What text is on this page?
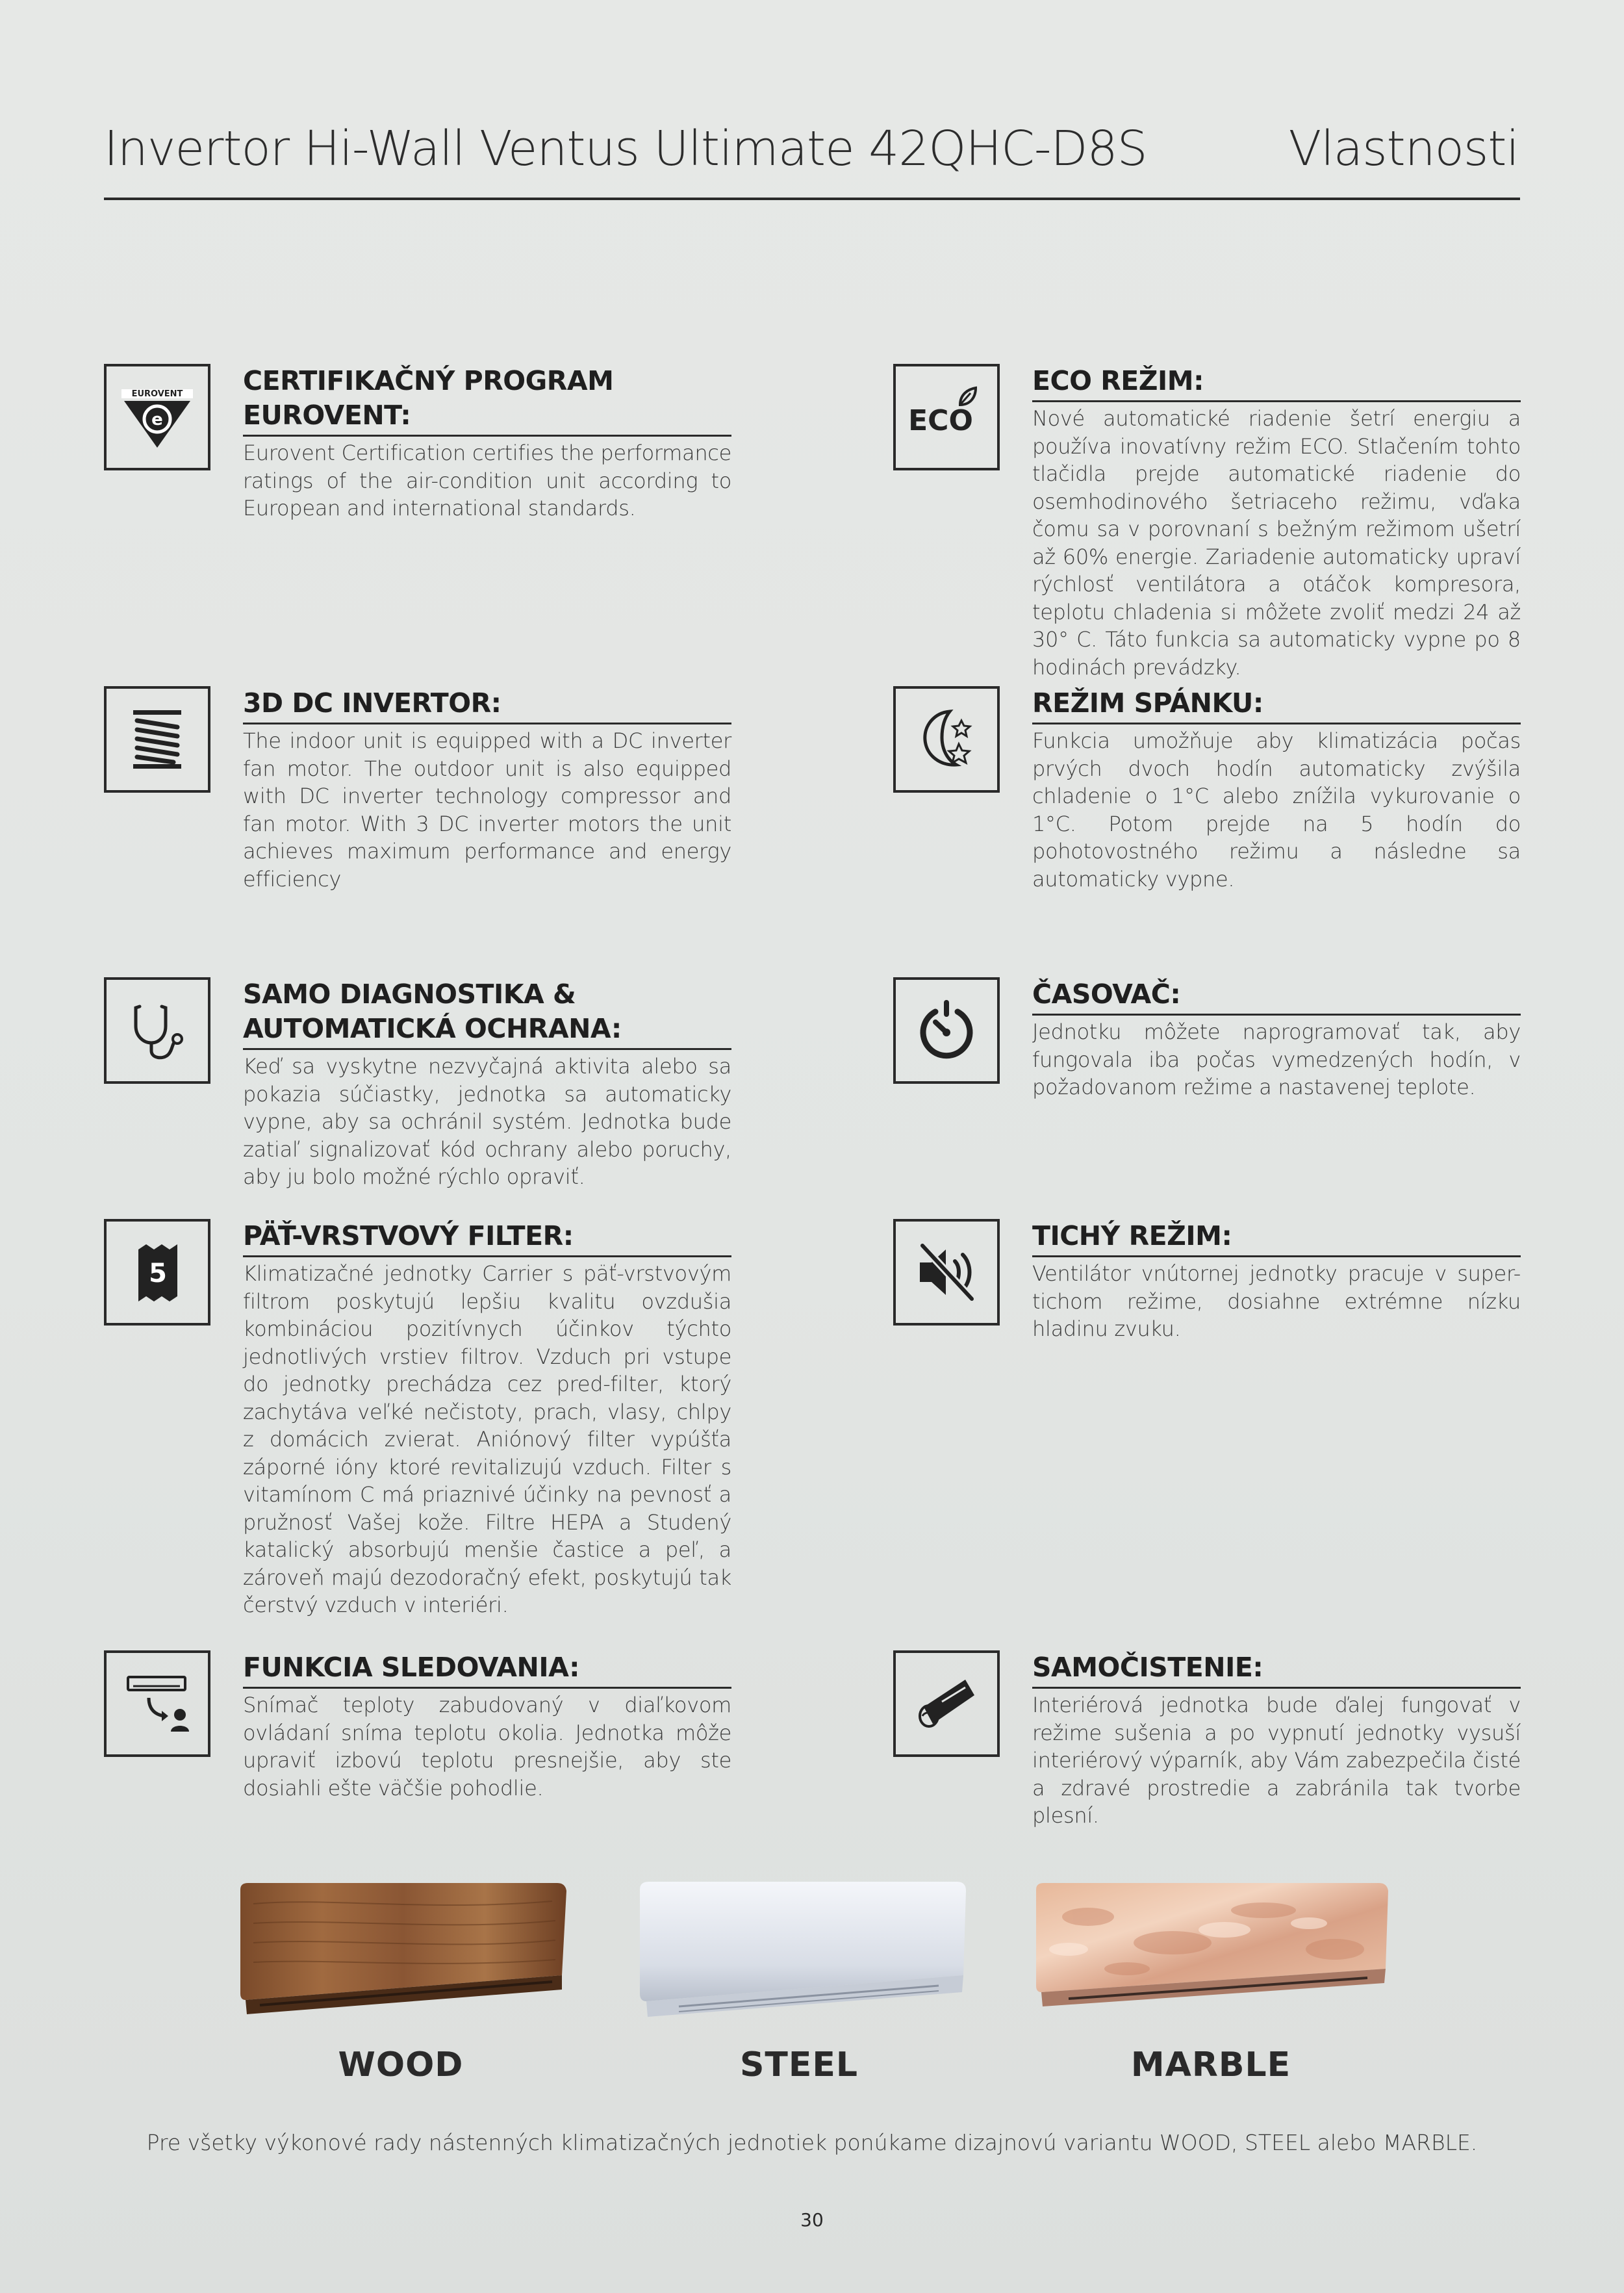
Invertor Hi-Wall Ventus Ultimate 42QHC-D8S	Vlastnosti
EUROVENT
e
CERTIFIKAČNÝ PROGRAM EUROVENT:
Eurovent Certification certifies the performance ratings of the air-condition unit according to European and international standards.
ECO
ECO REŽIM:
Nové automatické riadenie šetrí energiu a používa inovatívny režim ECO. Stlačením tohto tlačidla prejde automatické riadenie do osemhodinového šetriaceho režimu, vďaka čomu sa v porovnaní s bežným režimom ušetrí až 60% energie. Zariadenie automaticky upraví rýchlosť ventilátora a otáčok kompresora, teplotu chladenia si môžete zvoliť medzi 24 až 30° C. Táto funkcia sa automaticky vypne po 8 hodinách prevádzky.
3D DC INVERTOR:
The indoor unit is equipped with a DC inverter fan motor. The outdoor unit is also equipped with DC inverter technology compressor and fan motor. With 3 DC inverter motors the unit achieves maximum performance and energy efficiency
REŽIM SPÁNKU:
Funkcia umožňuje aby klimatizácia počas prvých dvoch hodín automaticky zvýšila chladenie o 1°C alebo znížila vykurovanie o 1°C. Potom prejde na 5 hodín do pohotovostného režimu a následne sa automaticky vypne.
SAMO DIAGNOSTIKA & AUTOMATICKÁ OCHRANA:
Keď sa vyskytne nezvyčajná aktivita alebo sa pokazia súčiastky, jednotka sa automaticky vypne, aby sa ochránil systém. Jednotka bude zatiaľ signalizovať kód ochrany alebo poruchy, aby ju bolo možné rýchlo opraviť.
ČASOVAČ:
Jednotku môžete naprogramovať tak, aby fungovala iba počas vymedzených hodín, v požadovanom režime a nastavenej teplote.
5
PÄŤ-VRSTVOVÝ FILTER:
Klimatizačné jednotky Carrier s päť-vrstvovým filtrom poskytujú lepšiu kvalitu ovzdušia kombináciou pozitívnych účinkov týchto jednotlivých vrstiev filtrov. Vzduch pri vstupe do jednotky prechádza cez pred-filter, ktorý zachytáva veľké nečistoty, prach, vlasy, chlpy z domácich zvierat. Aniónový filter vypúšťa záporné ióny ktoré revitalizujú vzduch. Filter s vitamínom C má priaznivé účinky na pevnosť a pružnosť Vašej kože. Filtre HEPA a Studený katalický absorbujú menšie častice a peľ, a zároveň majú dezodoračný efekt, poskytujú tak čerstvý vzduch v interiéri.
TICHÝ REŽIM:
Ventilátor vnútornej jednotky pracuje v super-tichom režime, dosiahne extrémne nízku hladinu zvuku.
FUNKCIA SLEDOVANIA:
Snímač teploty zabudovaný v diaľkovom ovládaní sníma teplotu okolia. Jednotka môže upraviť izbovú teplotu presnejšie, aby ste dosiahli ešte väčšie pohodlie.
SAMOČISTENIE:
Interiérová jednotka bude ďalej fungovať v režime sušenia a po vypnutí jednotky vysuší interiérový výparník, aby Vám zabezpečila čisté a zdravé prostredie a zabránila tak tvorbe plesní.
WOOD	STEEL	MARBLE
Pre všetky výkonové rady nástenných klimatizačných jednotiek ponúkame dizajnovú variantu WOOD, STEEL alebo MARBLE.
30
